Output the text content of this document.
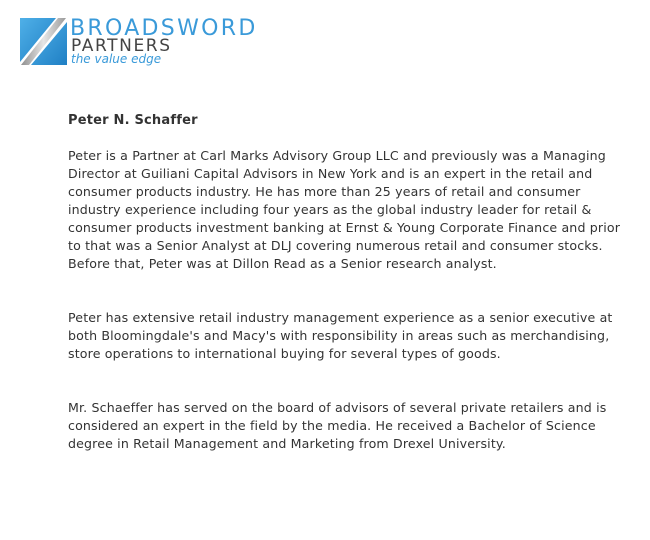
BROADSWORD
PARTNERS
the value edge
Peter N. Schaffer

Peter is a Partner at Carl Marks Advisory Group LLC and previously was a Managing Director at Guiliani Capital Advisors in New York and is an expert in the retail and consumer products industry. He has more than 25 years of retail and consumer industry experience including four years as the global industry leader for retail & consumer products investment banking at Ernst & Young Corporate Finance and prior to that was a Senior Analyst at DLJ covering numerous retail and consumer stocks. Before that, Peter was at Dillon Read as a Senior research analyst.

Peter has extensive retail industry management experience as a senior executive at both Bloomingdale's and Macy's with responsibility in areas such as merchandising, store operations to international buying for several types of goods.

Mr. Schaeffer has served on the board of advisors of several private retailers and is considered an expert in the field by the media. He received a Bachelor of Science degree in Retail Management and Marketing from Drexel University.
